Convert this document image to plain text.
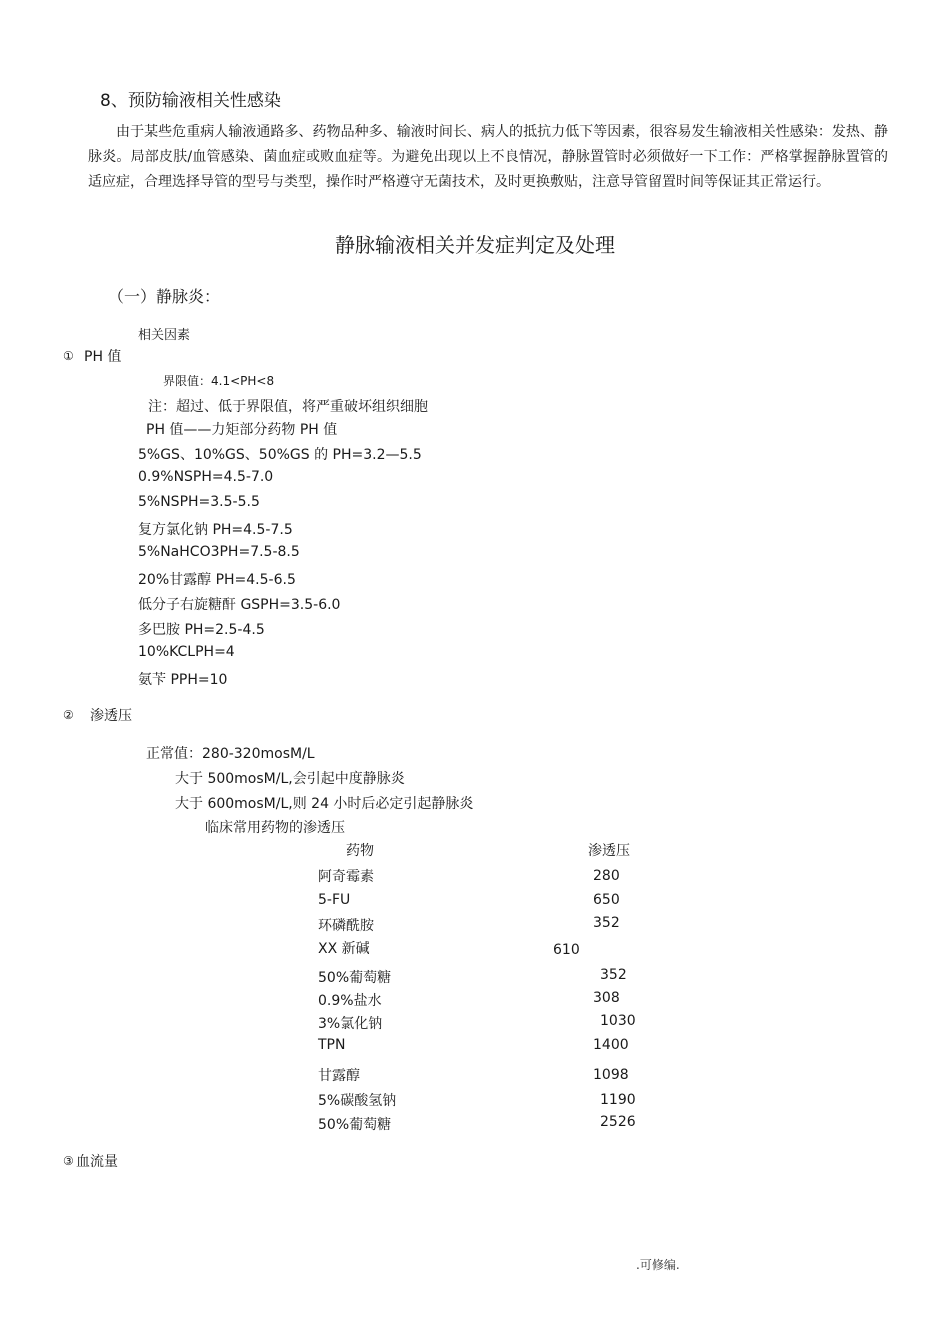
8、预防输液相关性感染
由于某些危重病人输液通路多、药物品种多、输液时间长、病人的抵抗力低下等因素，很容易发生输液相关性感染：发热、静脉炎。局部皮肤/血管感染、菌血症或败血症等。为避免出现以上不良情况，静脉置管时必须做好一下工作：严格掌握静脉置管的适应症，合理选择导管的型号与类型，操作时严格遵守无菌技术，及时更换敷贴，注意导管留置时间等保证其正常运行。
静脉输液相关并发症判定及处理
（一）静脉炎：
相关因素
① PH 值
界限值：4.1<PH<8
注：超过、低于界限值，将严重破坏组织细胞
PH 值——力矩部分药物 PH 值
5%GS、10%GS、50%GS 的 PH=3.2—5.5
0.9%NSPH=4.5-7.0
5%NSPH=3.5-5.5
复方氯化钠 PH=4.5-7.5
5%NaHCO3PH=7.5-8.5
20%甘露醇 PH=4.5-6.5
低分子右旋糖酐 GSPH=3.5-6.0
多巴胺 PH=2.5-4.5
10%KCLPH=4
氨苄 PPH=10
② 渗透压
正常值：280-320mosM/L
大于 500mosM/L,会引起中度静脉炎
大于 600mosM/L,则 24 小时后必定引起静脉炎
临床常用药物的渗透压
药物	渗透压
阿奇霉素	280
5-FU	650
环磷酰胺	352
XX 新碱	610
50%葡萄糖	352
0.9%盐水	308
3%氯化钠	1030
TPN	1400
甘露醇	1098
5%碳酸氢钠	1190
50%葡萄糖	2526
③ 血流量
.可修编.
